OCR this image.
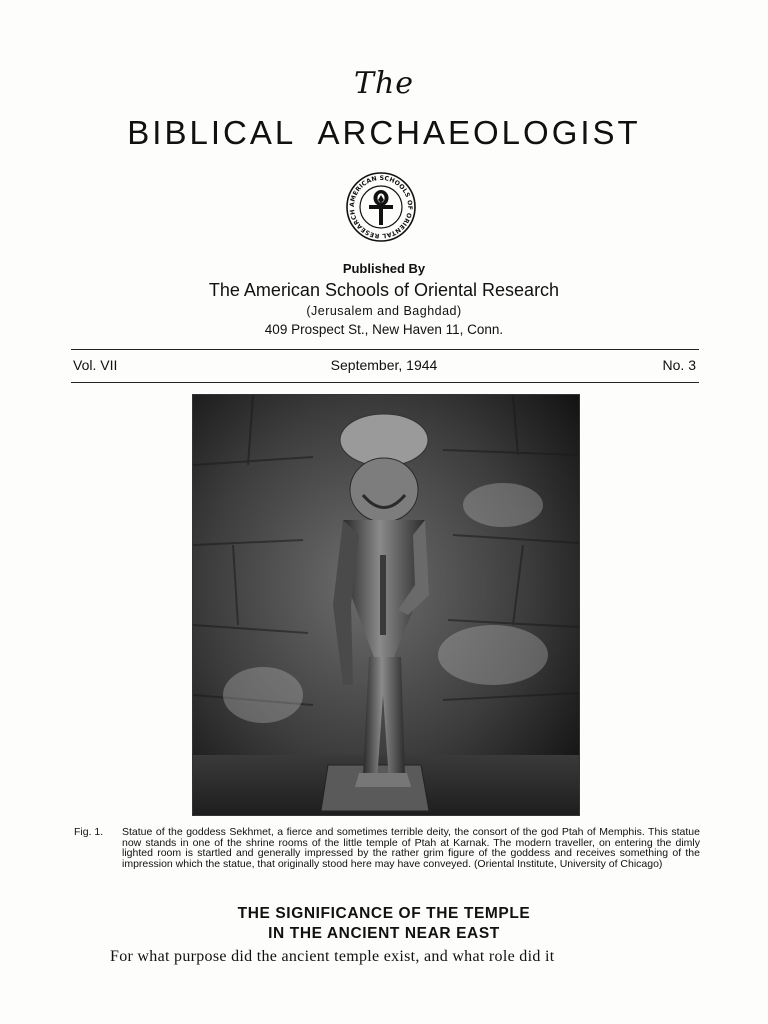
The
BIBLICAL  ARCHAEOLOGIST
AMERICAN SCHOOLS OF ORIENTAL RESEARCH
Published By
The American Schools of Oriental Research
(Jerusalem and Baghdad)
409 Prospect St., New Haven 11, Conn.
Vol. VII	September, 1944	No. 3
Fig. 1. Statue of the goddess Sekhmet, a fierce and sometimes terrible deity, the consort of the god Ptah of Memphis. This statue now stands in one of the shrine rooms of the little temple of Ptah at Karnak. The modern traveller, on entering the dimly lighted room is startled and generally impressed by the rather grim figure of the goddess and receives something of the impression which the statue, that originally stood here may have conveyed. (Oriental Institute, University of Chicago)
THE SIGNIFICANCE OF THE TEMPLE
IN THE ANCIENT NEAR EAST
For what purpose did the ancient temple exist, and what role did it
